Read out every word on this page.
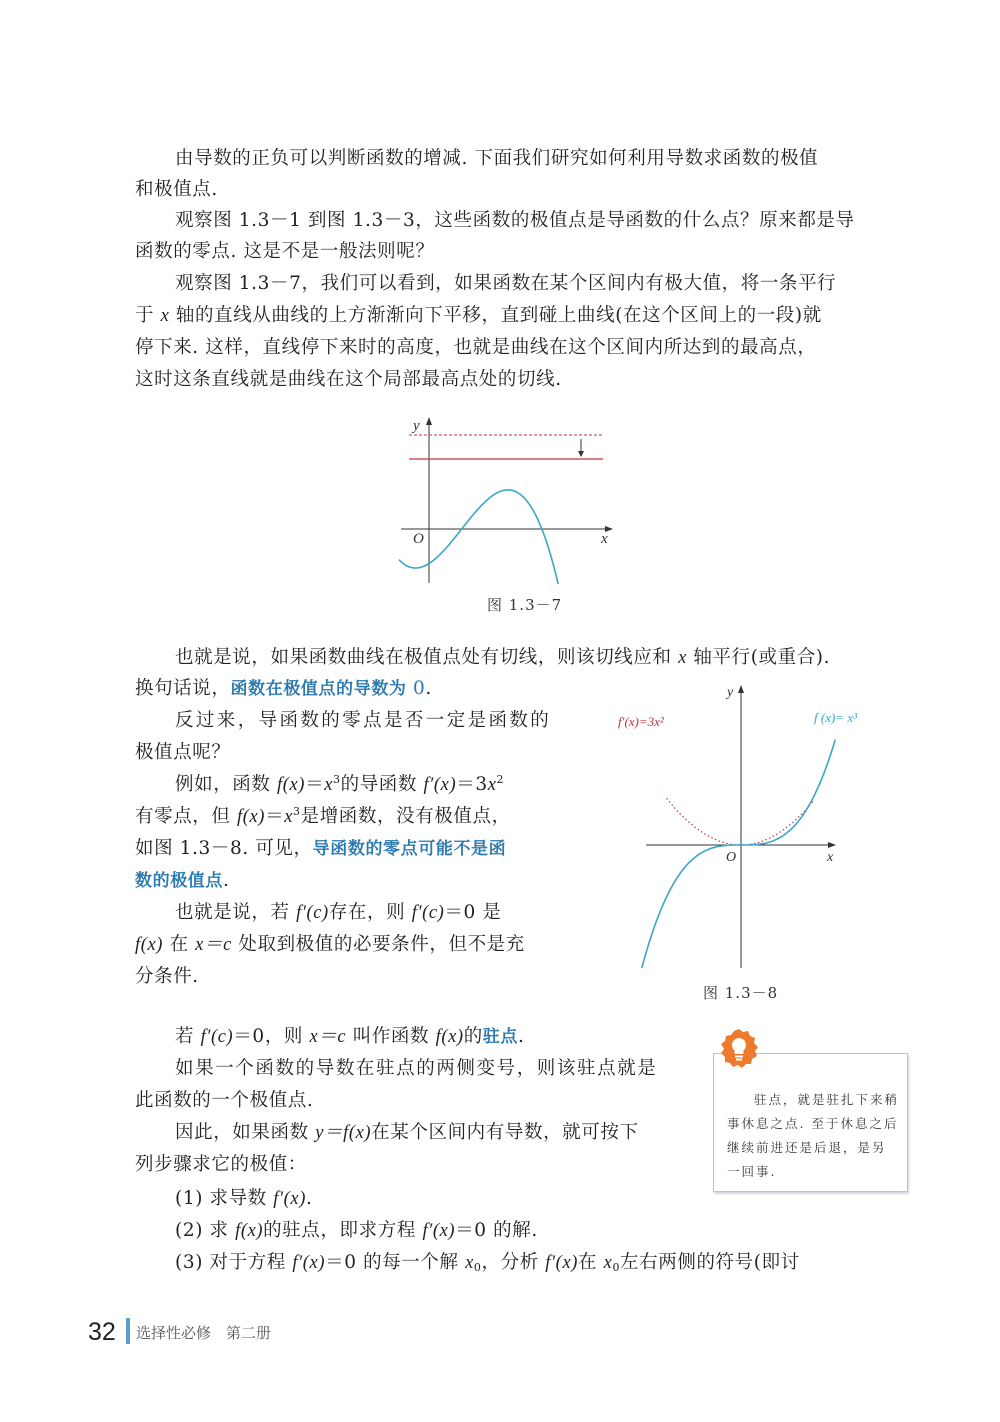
由导数的正负可以判断函数的增减. 下面我们研究如何利用导数求函数的极值
和极值点.
观察图 1.3－1 到图 1.3－3，这些函数的极值点是导函数的什么点？原来都是导
函数的零点. 这是不是一般法则呢？
观察图 1.3－7，我们可以看到，如果函数在某个区间内有极大值，将一条平行
于 x 轴的直线从曲线的上方渐渐向下平移，直到碰上曲线(在这个区间上的一段)就
停下来. 这样，直线停下来时的高度，也就是曲线在这个区间内所达到的最高点，
这时这条直线就是曲线在这个局部最高点处的切线.
y
x
O
图 1.3－7
也就是说，如果函数曲线在极值点处有切线，则该切线应和 x 轴平行(或重合).
换句话说，函数在极值点的导数为 0.
反过来，导函数的零点是否一定是函数的
极值点呢？
例如，函数 $f(x)=x^3$的导函数 $f'(x)=3x^2$
有零点，但 $f(x)=x^3$是增函数，没有极值点，
如图 1.3－8. 可见，导函数的零点可能不是函
数的极值点.
也就是说，若 f′(c)存在，则 f′(c)＝0 是
f(x) 在 x＝c 处取到极值的必要条件，但不是充
分条件.
y
x
O
f′(x)=3x²	f (x)= x³
图 1.3－8
若 f′(c)＝0，则 x＝c 叫作函数 f(x)的驻点.
如果一个函数的导数在驻点的两侧变号，则该驻点就是
此函数的一个极值点.
因此，如果函数 y＝f(x)在某个区间内有导数，就可按下
列步骤求它的极值：
(1) 求导数 f′(x).
(2) 求 f(x)的驻点，即求方程 f′(x)＝0 的解.
(3) 对于方程 f′(x)＝0 的每一个解 $x_0$，分析 f′(x)在 $x_0$左右两侧的符号(即讨
驻点，就是驻扎下来稍事休息之点. 至于休息之后继续前进还是后退，是另一回事.
32 选择性必修　第二册
